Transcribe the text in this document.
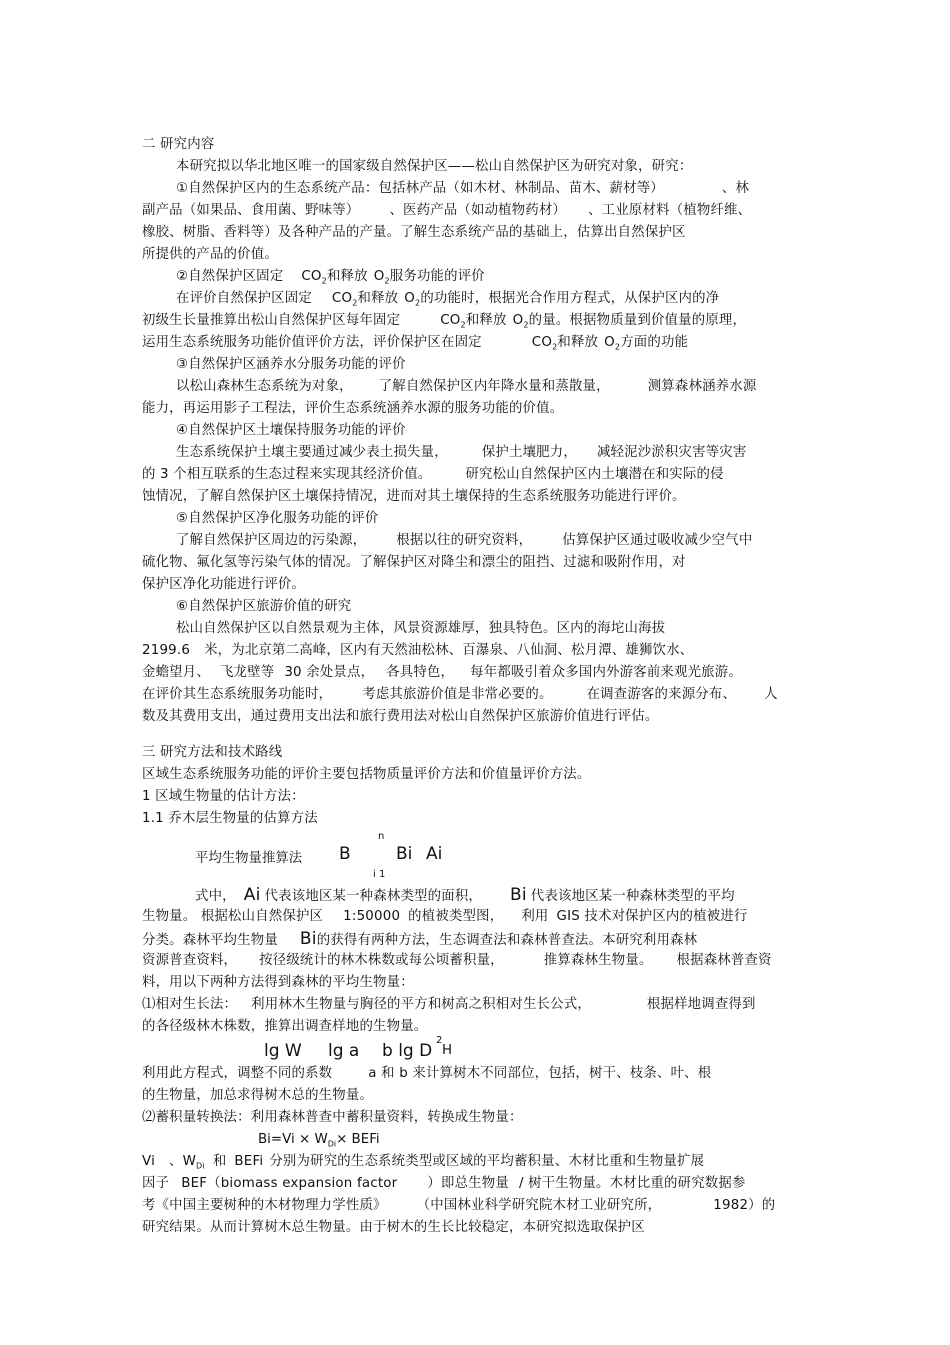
二 研究内容
本研究拟以华北地区唯一的国家级自然保护区——松山自然保护区为研究对象，研究：
①自然保护区内的生态系统产品：包括林产品（如木材、林制品、苗木、薪材等）	、林
副产品（如果品、食用菌、野味等） 、医药产品（如动植物药材） 、工业原材料（植物纤维、
橡胶、树脂、香料等）及各种产品的产量。了解生态系统产品的基础上，估算出自然保护区
所提供的产品的价值。
②自然保护区固定 $CO_2$和释放 $O_2$服务功能的评价
在评价自然保护区固定 $CO_2$和释放 $O_2$的功能时，根据光合作用方程式，从保护区内的净
初级生长量推算出松山自然保护区每年固定	$CO_2$和释放 $O_2$的量。根据物质量到价值量的原理，
运用生态系统服务功能价值评价方法，评价保护区在固定	$CO_2$和释放 $O_2$方面的功能
③自然保护区涵养水分服务功能的评价
以松山森林生态系统为对象， 了解自然保护区内年降水量和蒸散量，	测算森林涵养水源
能力，再运用影子工程法，评价生态系统涵养水源的服务功能的价值。
④自然保护区土壤保持服务功能的评价
生态系统保护土壤主要通过减少表土损失量，	保护土壤肥力， 减轻泥沙淤积灾害等灾害
的 3 个相互联系的生态过程来实现其经济价值。	研究松山自然保护区内土壤潜在和实际的侵
蚀情况，了解自然保护区土壤保持情况，进而对其土壤保持的生态系统服务功能进行评价。
⑤自然保护区净化服务功能的评价
了解自然保护区周边的污染源， 根据以往的研究资料， 估算保护区通过吸收减少空气中
硫化物、氟化氢等污染气体的情况。了解保护区对降尘和漂尘的阻挡、过滤和吸附作用，对
保护区净化功能进行评价。
⑥自然保护区旅游价值的研究
松山自然保护区以自然景观为主体，风景资源雄厚，独具特色。区内的海坨山海拔
2199.6 米，为北京第二高峰，区内有天然油松林、百瀑泉、八仙洞、松月潭、雄狮饮水、
金蟾望月、 飞龙壁等 30 余处景点， 各具特色， 每年都吸引着众多国内外游客前来观光旅游。
在评价其生态系统服务功能时， 考虑其旅游价值是非常必要的。	在调查游客的来源分布、 人
数及其费用支出，通过费用支出法和旅行费用法对松山自然保护区旅游价值进行评估。
三 研究方法和技术路线
区域生态系统服务功能的评价主要包括物质量评价方法和价值量评价方法。
1 区域生物量的估计方法：
1.1 乔木层生物量的估算方法
平均生物量推算法 B
n
Bi Ai
i 1
式中， Ai 代表该地区某一种森林类型的面积， Bi 代表该地区某一种森林类型的平均
生物量。 根据松山自然保护区 1:50000 的植被类型图， 利用 GIS 技术对保护区内的植被进行
分类。森林平均生物量 Bi的获得有两种方法，生态调查法和森林普查法。本研究利用森林
资源普查资料， 按径级统计的林木株数或每公顷蓄积量，	推算森林生物量。 根据森林普查资
料，用以下两种方法得到森林的平均生物量：
⑴相对生长法： 利用林木生物量与胸径的平方和树高之积相对生长公式，	根据样地调查得到
的各径级林木株数，推算出调查样地的生物量。
lg W lg a b lg D
2
H
利用此方程式，调整不同的系数	a 和 b 来计算树木不同部位，包括，树干、枝条、叶、根
的生物量，加总求得树木总的生物量。
⑵蓄积量转换法：利用森林普查中蓄积量资料，转换成生物量：
$Bi=Vi \times W_{Di}\times$ BEFi
Vi 、$W_{Di}$ 和 BEFi 分别为研究的生态系统类型或区域的平均蓄积量、木材比重和生物量扩展
因子 BEF（biomass expansion factor ）即总生物量 / 树干生物量。木材比重的研究数据参
考《中国主要树种的木材物理力学性质》 （中国林业科学研究院木材工业研究所，	1982）的
研究结果。从而计算树木总生物量。由于树木的生长比较稳定，本研究拟选取保护区
